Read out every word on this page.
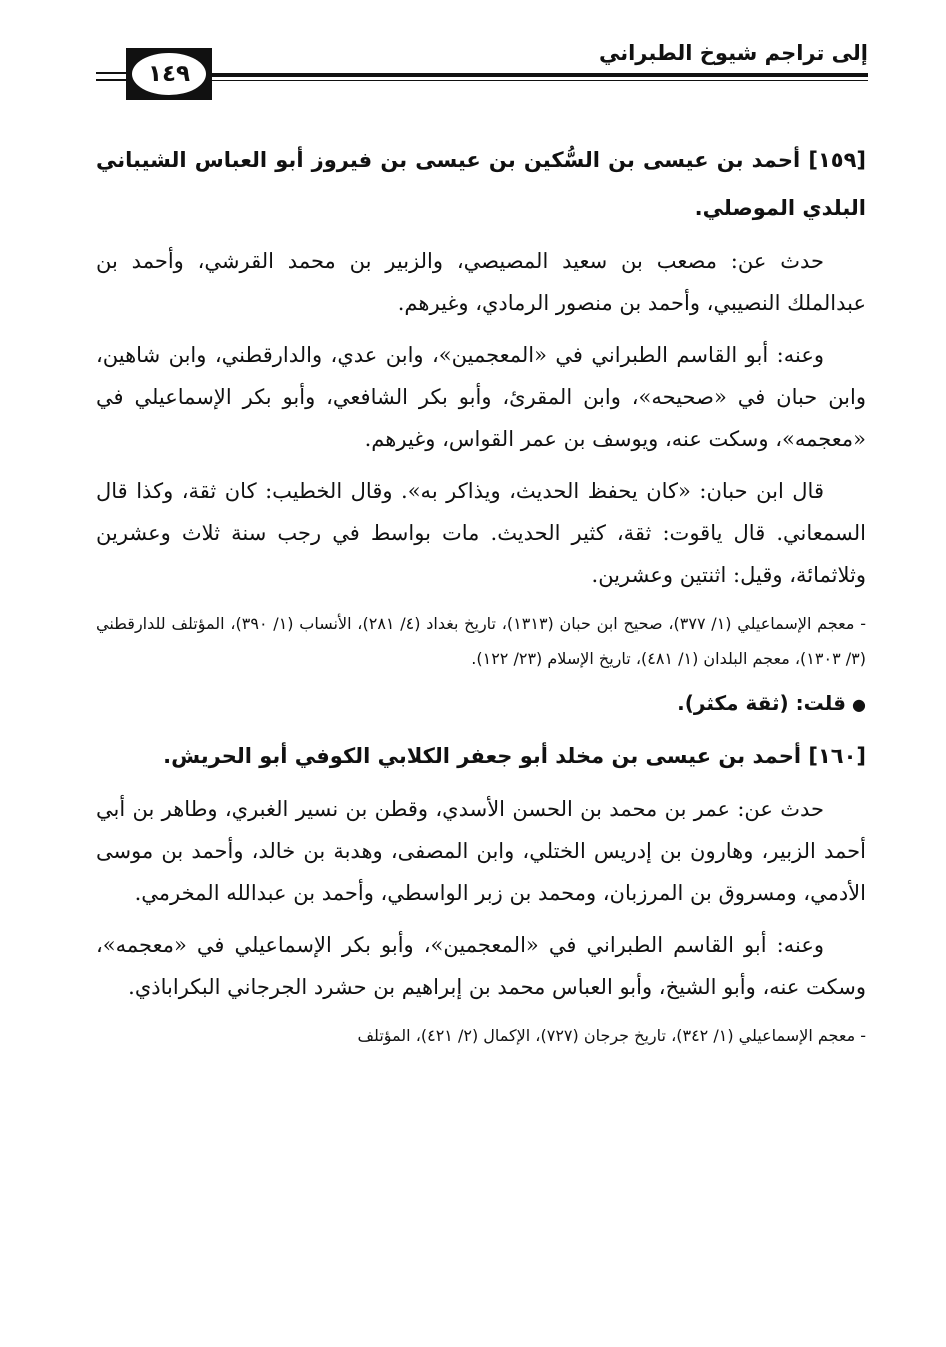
إلى تراجم شيوخ الطبراني
١٤٩
[١٥٩] أحمد بن عيسى بن السُّكين بن عيسى بن فيروز أبو العباس الشيباني البلدي الموصلي.

حدث عن: مصعب بن سعيد المصيصي، والزبير بن محمد القرشي، وأحمد بن عبدالملك النصيبي، وأحمد بن منصور الرمادي، وغيرهم.

وعنه: أبو القاسم الطبراني في «المعجمين»، وابن عدي، والدارقطني، وابن شاهين، وابن حبان في «صحيحه»، وابن المقرئ، وأبو بكر الشافعي، وأبو بكر الإسماعيلي في «معجمه»، وسكت عنه، ويوسف بن عمر القواس، وغيرهم.

قال ابن حبان: «كان يحفظ الحديث، ويذاكر به». وقال الخطيب: كان ثقة، وكذا قال السمعاني. قال ياقوت: ثقة، كثير الحديث. مات بواسط في رجب سنة ثلاث وعشرين وثلاثمائة، وقيل: اثنتين وعشرين.

- معجم الإسماعيلي (١/ ٣٧٧)، صحيح ابن حبان (١٣١٣)، تاريخ بغداد (٤/ ٢٨١)، الأنساب (١/ ٣٩٠)، المؤتلف للدارقطني (٣/ ١٣٠٣)، معجم البلدان (١/ ٤٨١)، تاريخ الإسلام (٢٣/ ١٢٢).

●قلت: (ثقة مكثر).
[١٦٠] أحمد بن عيسى بن مخلد أبو جعفر الكلابي الكوفي أبو الحريش.

حدث عن: عمر بن محمد بن الحسن الأسدي، وقطن بن نسير الغبري، وطاهر بن أبي أحمد الزبير، وهارون بن إدريس الختلي، وابن المصفى، وهدبة بن خالد، وأحمد بن موسى الأدمي، ومسروق بن المرزبان، ومحمد بن زبر الواسطي، وأحمد بن عبدالله المخرمي.

وعنه: أبو القاسم الطبراني في «المعجمين»، وأبو بكر الإسماعيلي في «معجمه»، وسكت عنه، وأبو الشيخ، وأبو العباس محمد بن إبراهيم بن حشرد الجرجاني البكراباذي.

- معجم الإسماعيلي (١/ ٣٤٢)، تاريخ جرجان (٧٢٧)، الإكمال (٢/ ٤٢١)، المؤتلف
